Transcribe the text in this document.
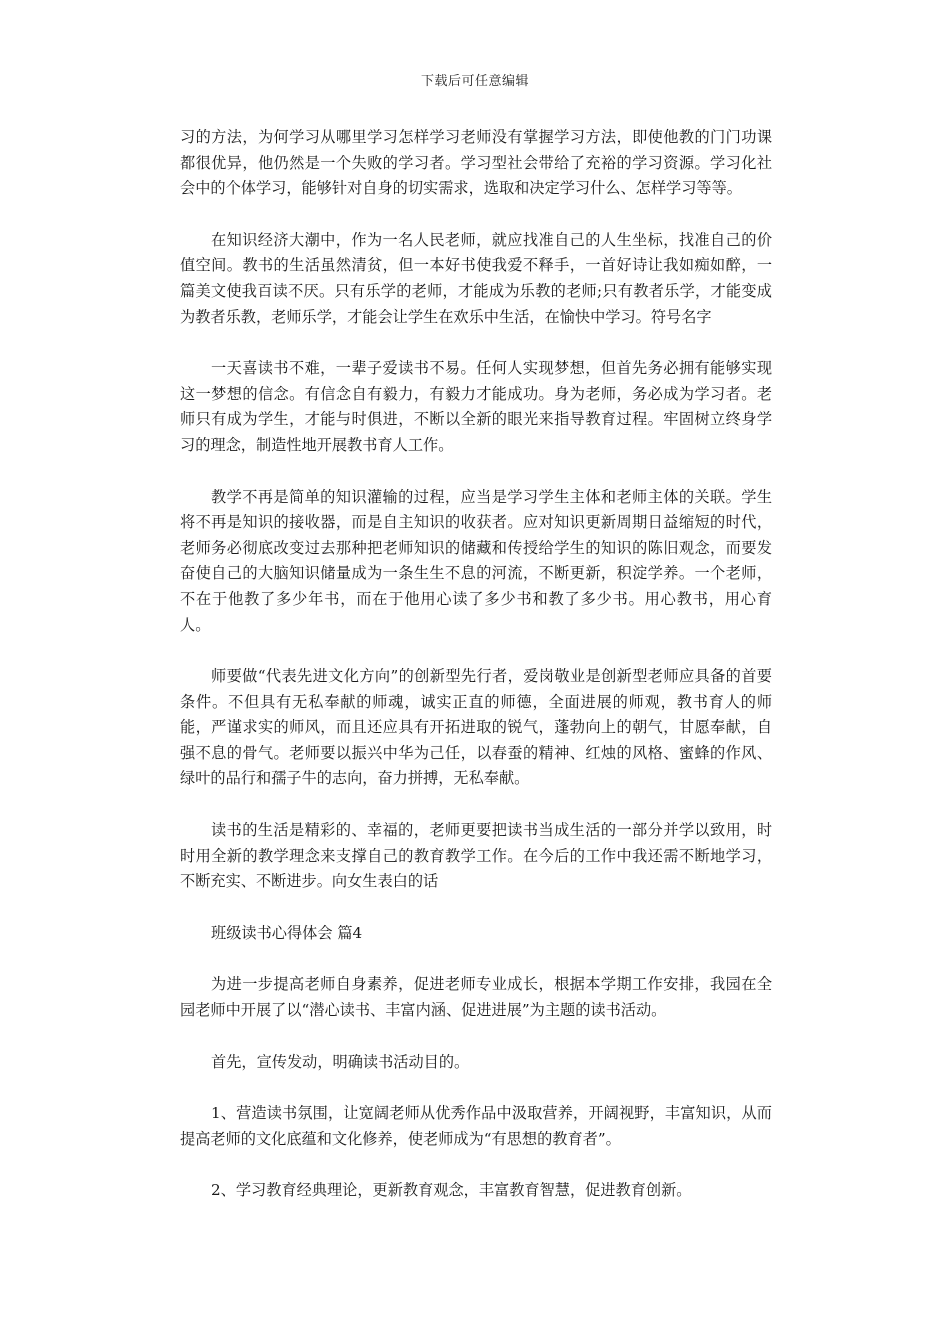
下载后可任意编辑

习的方法，为何学习从哪里学习怎样学习老师没有掌握学习方法，即使他教的门门功课都很优异，他仍然是一个失败的学习者。学习型社会带给了充裕的学习资源。学习化社会中的个体学习，能够针对自身的切实需求，选取和决定学习什么、怎样学习等等。

在知识经济大潮中，作为一名人民老师，就应找准自己的人生坐标，找准自己的价值空间。教书的生活虽然清贫，但一本好书使我爱不释手，一首好诗让我如痴如醉，一篇美文使我百读不厌。只有乐学的老师，才能成为乐教的老师;只有教者乐学，才能变成为教者乐教，老师乐学，才能会让学生在欢乐中生活，在愉快中学习。符号名字

一天喜读书不难，一辈子爱读书不易。任何人实现梦想，但首先务必拥有能够实现这一梦想的信念。有信念自有毅力，有毅力才能成功。身为老师，务必成为学习者。老师只有成为学生，才能与时俱进，不断以全新的眼光来指导教育过程。牢固树立终身学习的理念，制造性地开展教书育人工作。

教学不再是简单的知识灌输的过程，应当是学习学生主体和老师主体的关联。学生将不再是知识的接收器，而是自主知识的收获者。应对知识更新周期日益缩短的时代，老师务必彻底改变过去那种把老师知识的储藏和传授给学生的知识的陈旧观念，而要发奋使自己的大脑知识储量成为一条生生不息的河流，不断更新，积淀学养。一个老师，不在于他教了多少年书，而在于他用心读了多少书和教了多少书。用心教书，用心育人。

师要做“代表先进文化方向”的创新型先行者，爱岗敬业是创新型老师应具备的首要条件。不但具有无私奉献的师魂，诚实正直的师德，全面进展的师观，教书育人的师能，严谨求实的师风，而且还应具有开拓进取的锐气，蓬勃向上的朝气，甘愿奉献，自强不息的骨气。老师要以振兴中华为己任，以春蚕的精神、红烛的风格、蜜蜂的作风、绿叶的品行和孺子牛的志向，奋力拼搏，无私奉献。

读书的生活是精彩的、幸福的，老师更要把读书当成生活的一部分并学以致用，时时用全新的教学理念来支撑自己的教育教学工作。在今后的工作中我还需不断地学习，不断充实、不断进步。向女生表白的话

班级读书心得体会 篇4

为进一步提高老师自身素养，促进老师专业成长，根据本学期工作安排，我园在全园老师中开展了以“潜心读书、丰富内涵、促进进展”为主题的读书活动。

首先，宣传发动，明确读书活动目的。

1、营造读书氛围，让宽阔老师从优秀作品中汲取营养，开阔视野，丰富知识，从而提高老师的文化底蕴和文化修养，使老师成为“有思想的教育者”。

2、学习教育经典理论，更新教育观念，丰富教育智慧，促进教育创新。
